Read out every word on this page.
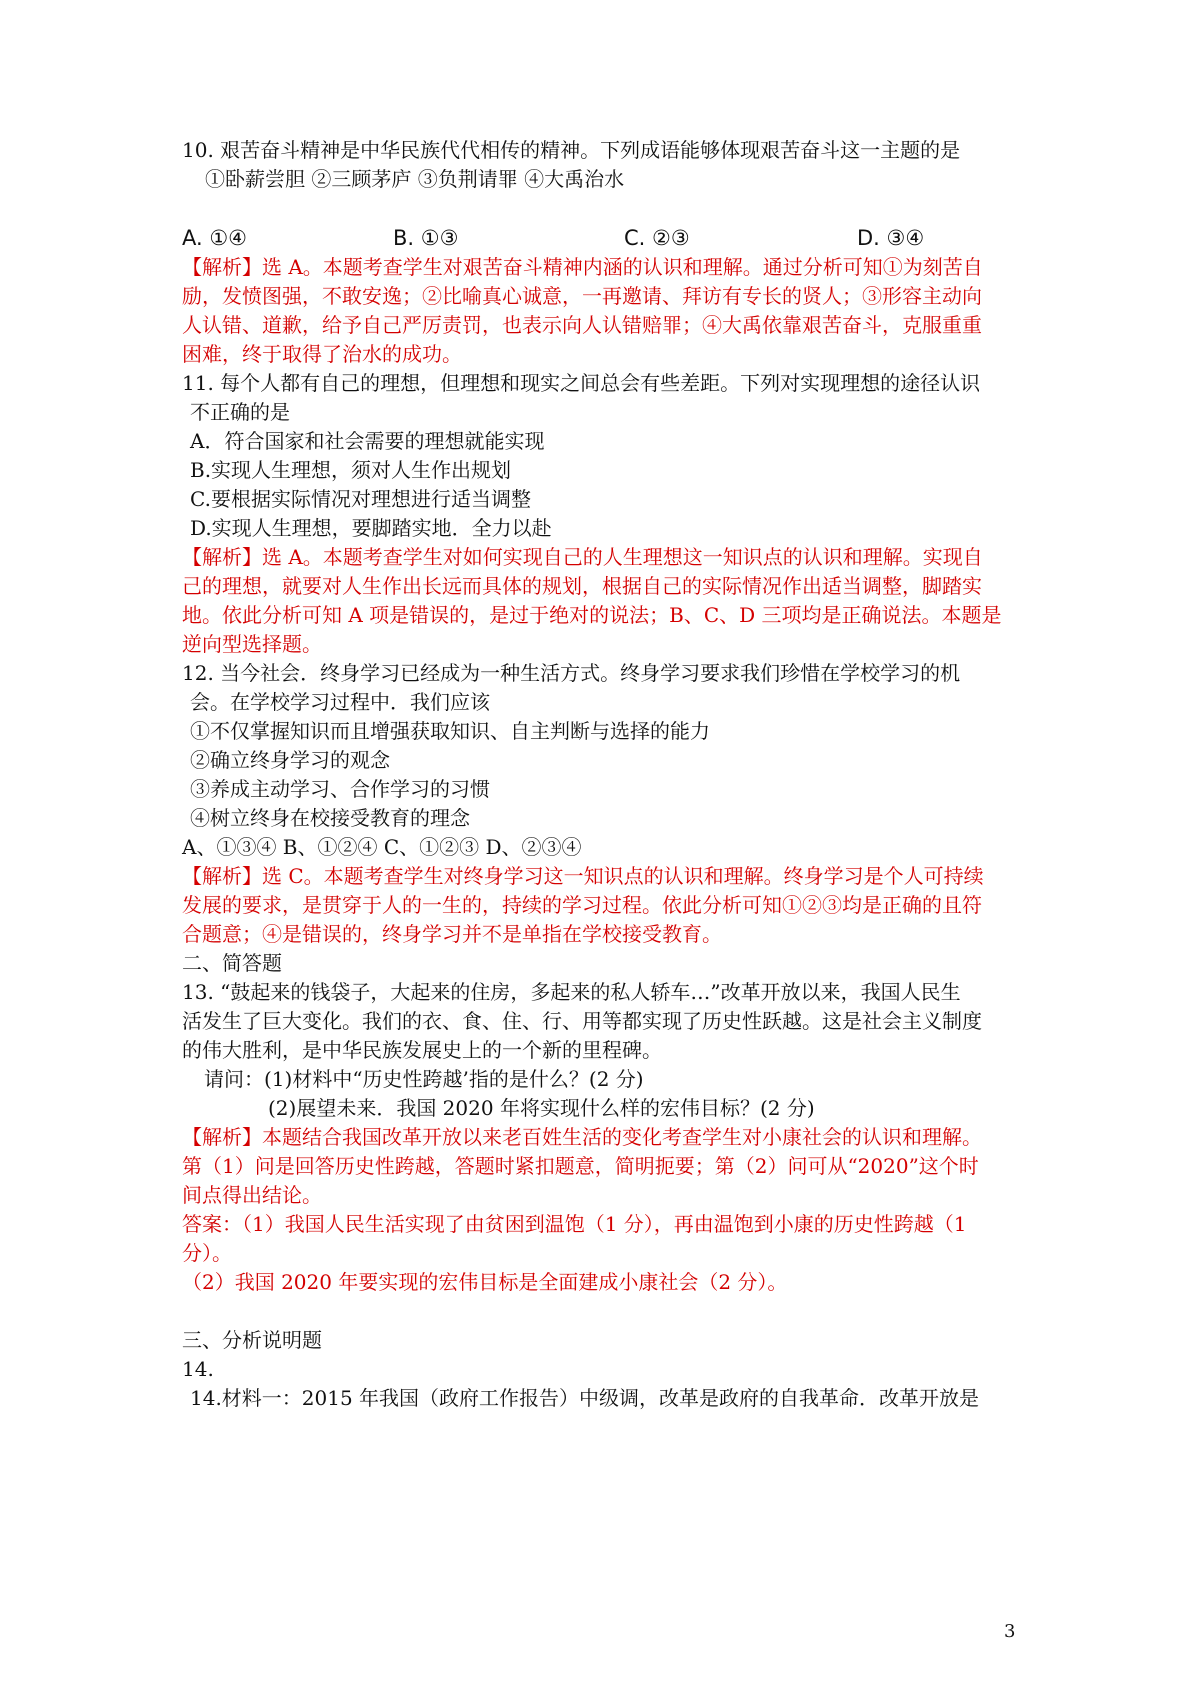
10. 艰苦奋斗精神是中华民族代代相传的精神。下列成语能够体现艰苦奋斗这一主题的是
①卧薪尝胆 ②三顾茅庐 ③负荆请罪 ④大禹治水
A. ①④	B. ①③	C. ②③	D. ③④
【解析】选 A。本题考查学生对艰苦奋斗精神内涵的认识和理解。通过分析可知①为刻苦自
励，发愤图强，不敢安逸；②比喻真心诚意，一再邀请、拜访有专长的贤人；③形容主动向
人认错、道歉，给予自己严厉责罚，也表示向人认错赔罪；④大禹依靠艰苦奋斗，克服重重
困难，终于取得了治水的成功。
11. 每个人都有自己的理想，但理想和现实之间总会有些差距。下列对实现理想的途径认识
不正确的是
A．符合国家和社会需要的理想就能实现
B.实现人生理想，须对人生作出规划
C.要根据实际情况对理想进行适当调整
D.实现人生理想，要脚踏实地．全力以赴
【解析】选 A。本题考查学生对如何实现自己的人生理想这一知识点的认识和理解。实现自
己的理想，就要对人生作出长远而具体的规划，根据自己的实际情况作出适当调整，脚踏实
地。依此分析可知 A 项是错误的，是过于绝对的说法；B、C、D 三项均是正确说法。本题是
逆向型选择题。
12. 当今社会．终身学习已经成为一种生活方式。终身学习要求我们珍惜在学校学习的机
会。在学校学习过程中．我们应该
①不仅掌握知识而且增强获取知识、自主判断与选择的能力
②确立终身学习的观念
③养成主动学习、合作学习的习惯
④树立终身在校接受教育的理念
A、①③④ B、①②④ C、①②③ D、②③④
【解析】选 C。本题考查学生对终身学习这一知识点的认识和理解。终身学习是个人可持续
发展的要求，是贯穿于人的一生的，持续的学习过程。依此分析可知①②③均是正确的且符
合题意；④是错误的，终身学习并不是单指在学校接受教育。
二、简答题
13. “鼓起来的钱袋子，大起来的住房，多起来的私人轿车…”改革开放以来，我国人民生
活发生了巨大变化。我们的衣、食、住、行、用等都实现了历史性跃越。这是社会主义制度
的伟大胜利，是中华民族发展史上的一个新的里程碑。
请问：(1)材料中“历史性跨越’指的是什么？(2 分)
(2)展望未来．我国 2020 年将实现什么样的宏伟目标？(2 分)
【解析】本题结合我国改革开放以来老百姓生活的变化考查学生对小康社会的认识和理解。
第（1）问是回答历史性跨越，答题时紧扣题意，简明扼要；第（2）问可从“2020”这个时
间点得出结论。
答案：（1）我国人民生活实现了由贫困到温饱（1 分），再由温饱到小康的历史性跨越（1
分）。
（2）我国 2020 年要实现的宏伟目标是全面建成小康社会（2 分）。
三、分析说明题
14.
14.材料一：2015 年我国（政府工作报告）中级调，改革是政府的自我革命．改革开放是
3
